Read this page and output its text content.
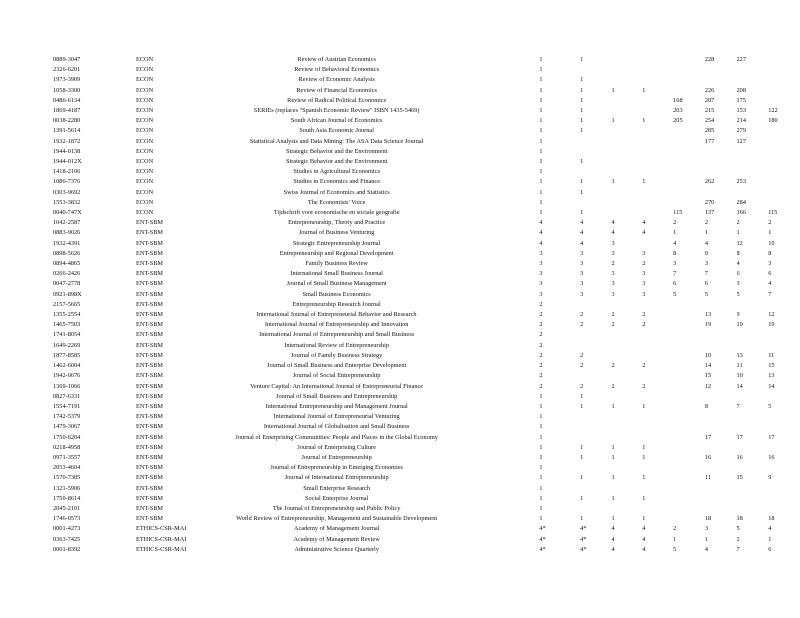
0889-3047	ECON	Review of Austrian Economics	1	1				228	227	
2326-6201	ECON	Review of Behavioral Economics	1							
1973-3909	ECON	Review of Economic Analysis	1	1						
1058-3300	ECON	Review of Financial Economics	1	1	1	1		226	208	
0486-6134	ECON	Review of Radical Political Economics	1	1			168	207	175	
1869-4187	ECON	SERIEs (replaces "Spanish Economic Review" ISBN 1435-5469)	1	1			203	215	153	122
0038-2280	ECON	South African Journal of Economics	1	1	1	1	205	254	214	180
1391-5614	ECON	South Asia Economic Journal	1	1				285	279	
1932-1872	ECON	Statistical Analysis and Data Mining: The ASA Data Science Journal	1					177	127	
1944-0138	ECON	Strategic Behavior and the Environment	1							
1944-012X	ECON	Strategic Behavior and the Environment	1	1						
1418-2106	ECON	Studies in Agricultural Economics	1							
1086-7376	ECON	Studies in Economics and Finance	1	1	1	1		262	253	
0303-9692	ECON	Swiss Journal of Economics and Statistics	1	1						
1553-3832	ECON	The Economists' Voice	1					270	284	
0040-747X	ECON	Tijdschrift voor economische en sociale geografie	1	1			115	137	166	115
1042-2587	ENT-SBM	Entrepreneurship, Theory and Practice	4	4	4	4	2	2	2	2
0883-9026	ENT-SBM	Journal of Business Venturing	4	4	4	4	1	1	1	1
1932-4391	ENT-SBM	Strategic Entrepreneurship Journal	4	4	3		4	4	12	10
0898-5626	ENT-SBM	Entrepreneurship and Regional Development	3	3	3	3	8	9	8	8
0894-4865	ENT-SBM	Family Business Review	3	3	2	2	3	3	4	3
0266-2426	ENT-SBM	International Small Business Journal	3	3	3	3	7	7	6	6
0047-2778	ENT-SBM	Journal of Small Business Management	3	3	3	3	6	6	3	4
0921-898X	ENT-SBM	Small Business Economics	3	3	3	3	5	5	5	7
2157-5665	ENT-SBM	Entrepreneurship Research Journal	2							
1355-2554	ENT-SBM	International Journal of Entrepreneurial Behavior and Research	2	2	2	2		13	9	12
1465-7503	ENT-SBM	International Journal of Entrepreneurship and Innovation	2	2	2	2		19	19	19
1741-8054	ENT-SBM	International Journal of Entrepreneurship and Small Business	2							
1649-2269	ENT-SBM	International Review of Entrepreneurship	2							
1877-8585	ENT-SBM	Journal of Family Business Strategy	2	2				10	13	11
1462-6004	ENT-SBM	Journal of Small Business and Enterprise Development	2	2	2	2		14	11	15
1942-0676	ENT-SBM	Journal of Social Entrepreneurship	2					15	10	13
1369-1066	ENT-SBM	Venture Capital: An International Journal of Entrepreneurial Finance	2	2	2	2		12	14	14
0827-6331	ENT-SBM	Journal of Small Business and Entrepreneurship	1	1						
1554-7191	ENT-SBM	International Entrepreneurship and Management Journal	1	1	1	1		8	7	5
1742-5379	ENT-SBM	International Journal of Entrepreneurial Venturing	1							
1479-3067	ENT-SBM	International Journal of Globalisation and Small Business	1							
1750-6204	ENT-SBM	Journal of Enterprising Communities: People and Places in the Global Economy	1					17	17	17
0218-4958	ENT-SBM	Journal of Enterprising Culture	1	1	1	1				
0971-3557	ENT-SBM	Journal of Entrepreneurship	1	1	1	1		16	16	16
2053-4604	ENT-SBM	Journal of Entrepreneurship in Emerging Economies	1							
1570-7385	ENT-SBM	Journal of International Entrepreneurship	1	1	1	1		11	15	9
1321-5906	ENT-SBM	Small Enterprise Research	1							
1750-8614	ENT-SBM	Social Enterprise Journal	1	1	1	1				
2045-2101	ENT-SBM	The Journal of Entrepreneurship and Public Policy	1							
1746-0573	ENT-SBM	World Review of Entrepreneurship, Management and Sustainable Development	1	1	1	1		18	18	18
0001-4273	ETHICS-CSR-MAI	Academy of Management Journal	4*	4*	4	4	2	3	5	4
0363-7425	ETHICS-CSR-MAI	Academy of Management Review	4*	4*	4	4	1	1	2	1
0001-8392	ETHICS-CSR-MAI	Administrative Science Quarterly	4*	4*	4	4	5	4	7	6
